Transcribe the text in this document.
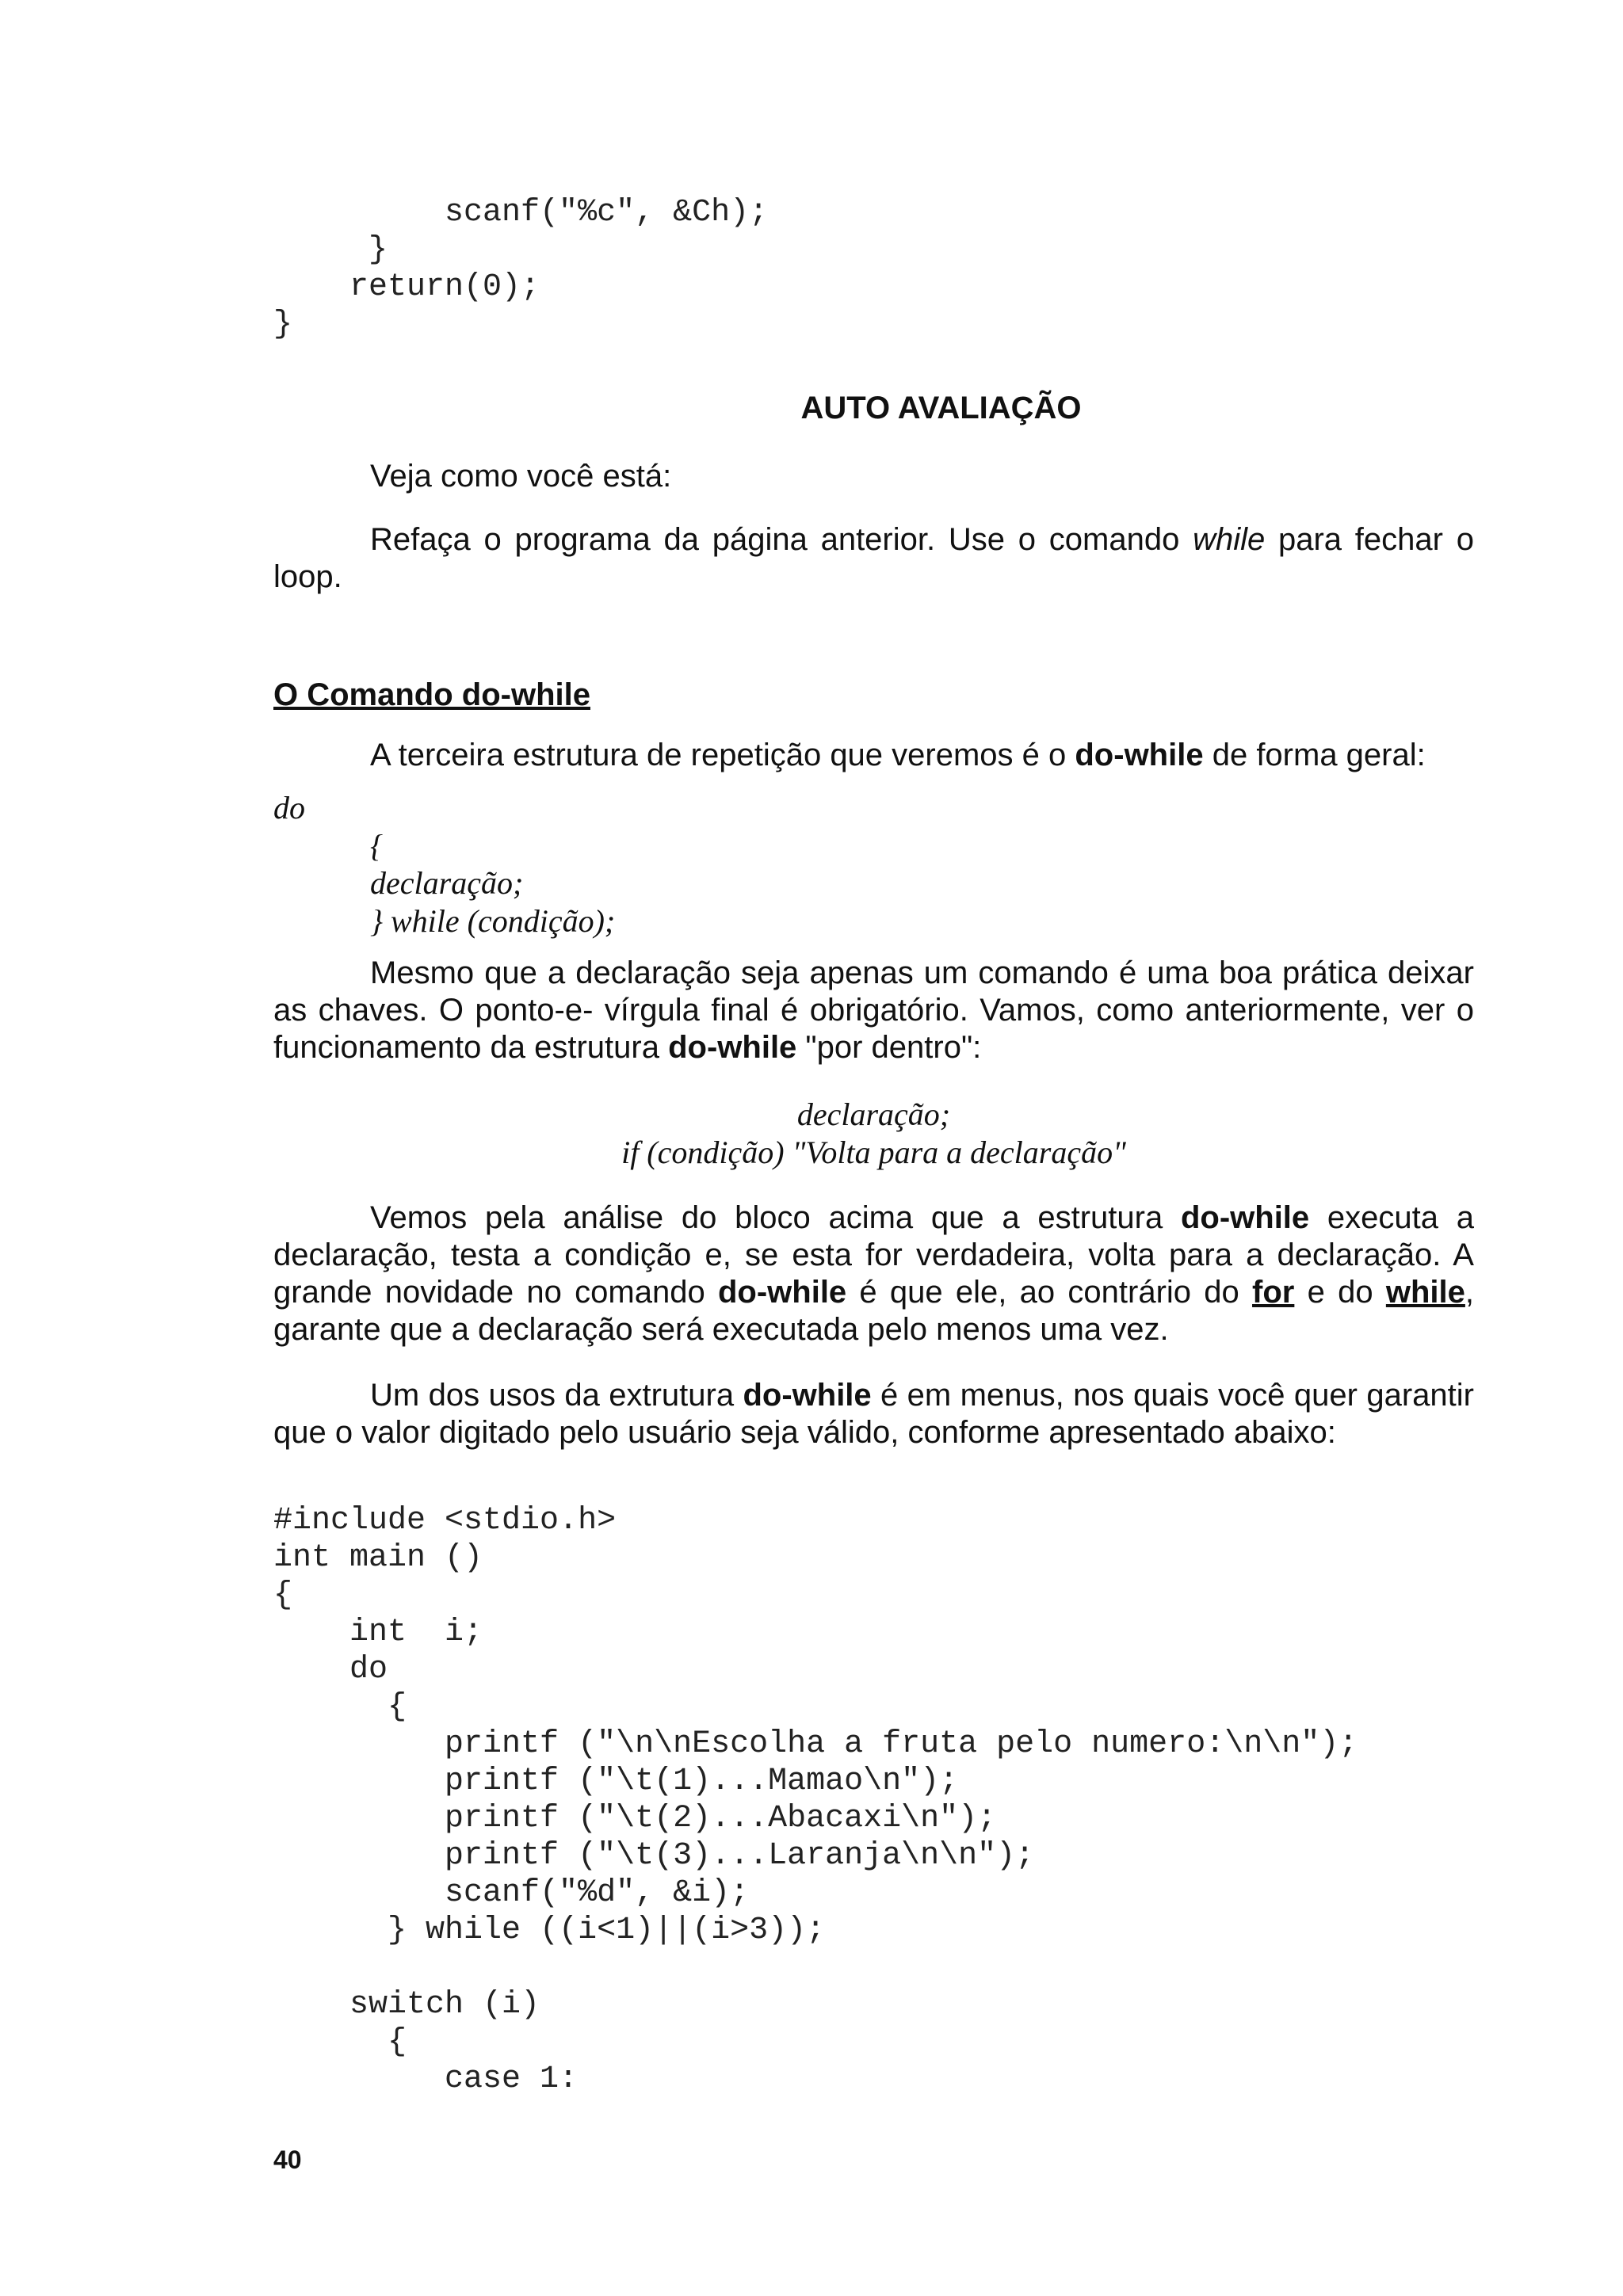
scanf("%c", &Ch);
}
return(0);
}
AUTO AVALIAÇÃO

Veja como você está:

Refaça o programa da página anterior. Use o comando while para fechar o loop.

O Comando do-while

A terceira estrutura de repetição que veremos é o do-while de forma geral:

do
{
declaração;
} while (condição);

Mesmo que a declaração seja apenas um comando é uma boa prática deixar as chaves. O ponto-e- vírgula final é obrigatório. Vamos, como anteriormente, ver o funcionamento da estrutura do-while "por dentro":

declaração;
if (condição) "Volta para a declaração"

Vemos pela análise do bloco acima que a estrutura do-while executa a declaração, testa a condição e, se esta for verdadeira, volta para a declaração. A grande novidade no comando do-while é que ele, ao contrário do for e do while, garante que a declaração será executada pelo menos uma vez.

Um dos usos da extrutura do-while é em menus, nos quais você quer garantir que o valor digitado pelo usuário seja válido, conforme apresentado abaixo:

#include <stdio.h>
int main ()
{
int  i;
do
{
printf ("\n\nEscolha a fruta pelo numero:\n\n");
printf ("\t(1)...Mamao\n");
printf ("\t(2)...Abacaxi\n");
printf ("\t(3)...Laranja\n\n");
scanf("%d", &i);
} while ((i<1)||(i>3));

switch (i)
{
case 1:
40
